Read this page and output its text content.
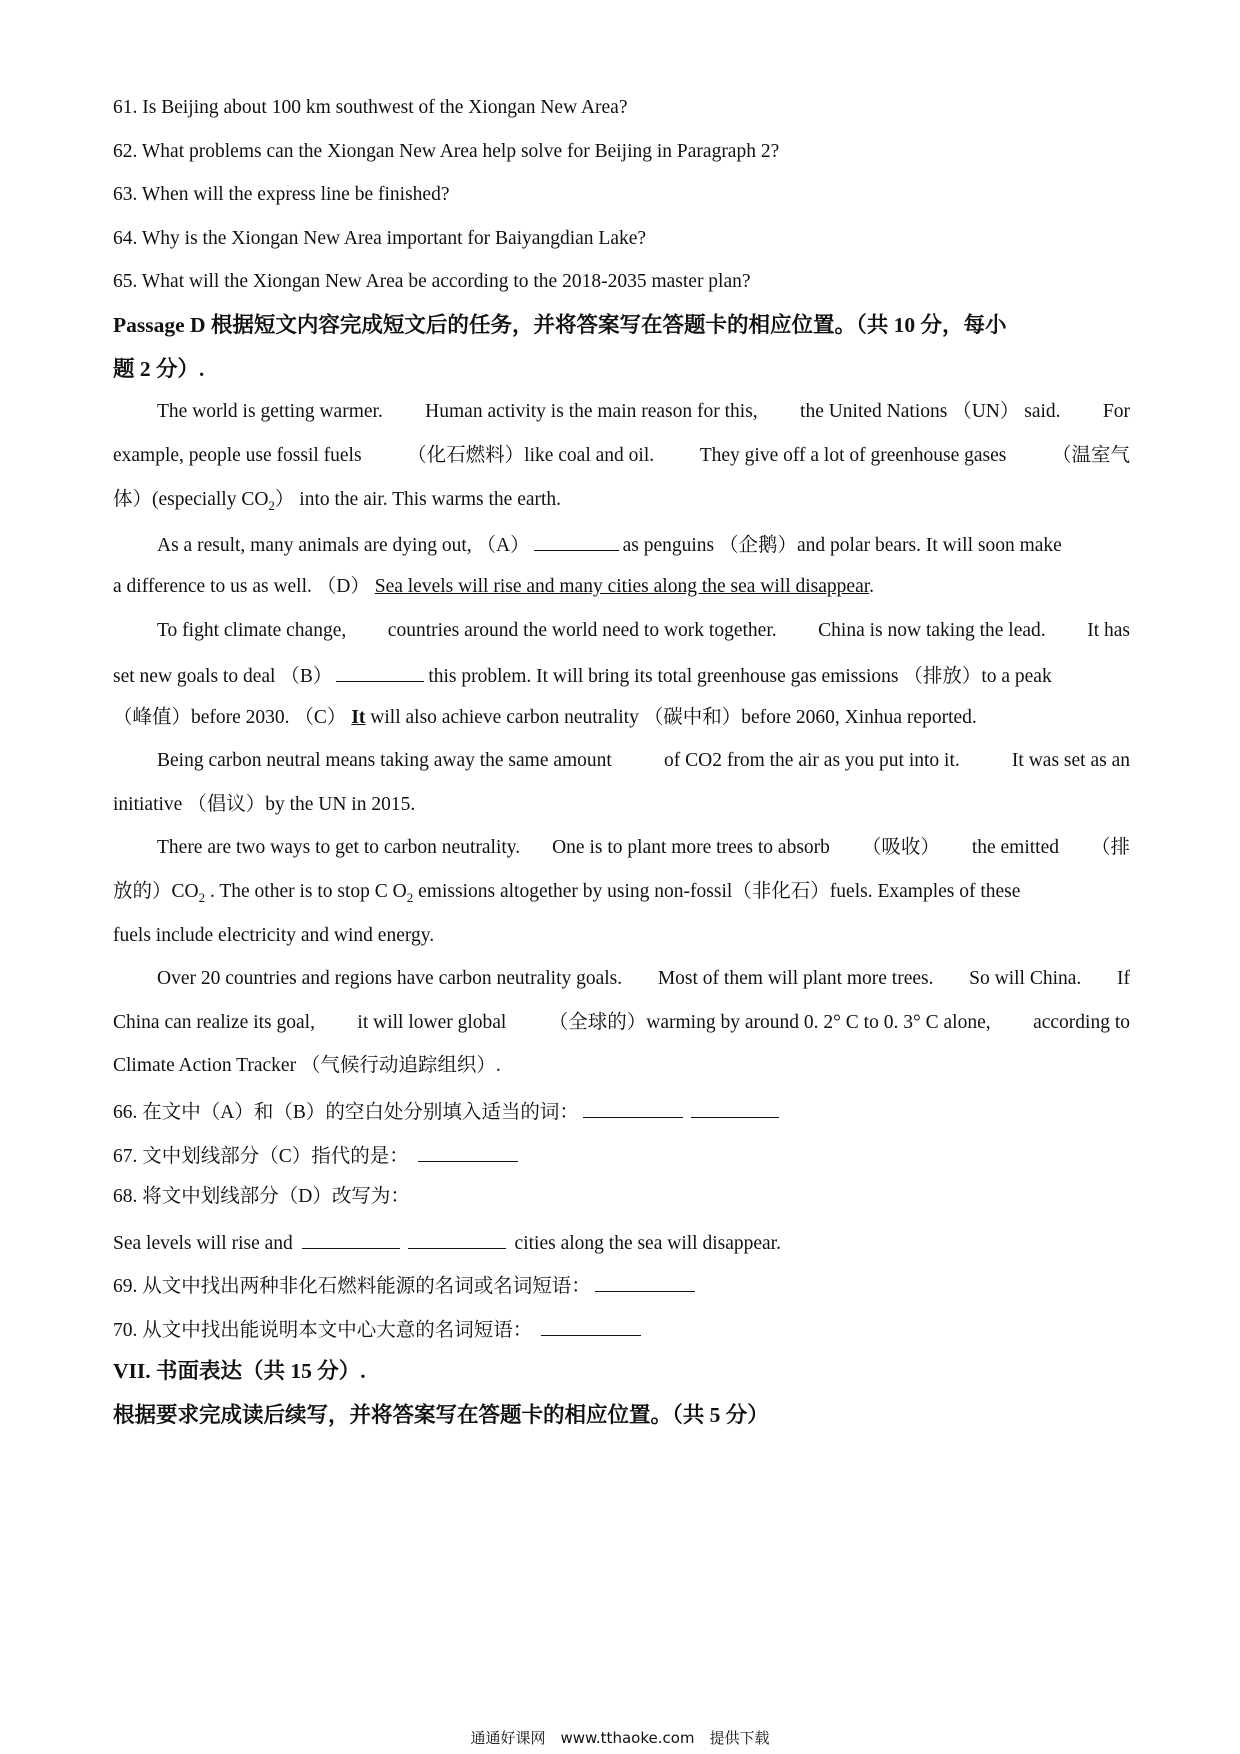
61. Is Beijing about 100 km southwest of the Xiongan New Area?
62. What problems can the Xiongan New Area help solve for Beijing in Paragraph 2?
63. When will the express line be finished?
64. Why is the Xiongan New Area important for Baiyangdian Lake?
65. What will the Xiongan New Area be according to the 2018-2035 master plan?
Passage D 根据短文内容完成短文后的任务，并将答案写在答题卡的相应位置。（共 10 分，每小
题 2 分）.
The world is getting warmer. Human activity is the main reason for this, the United Nations （UN） said. For
example, people use fossil fuels （化石燃料）like coal and oil. They give off a lot of greenhouse gases （温室气
体）(especially $CO_2$） into the air. This warms the earth.
As a result, many animals are dying out, （A）	as penguins （企鹅）and polar bears. It will soon make
a difference to us as well. （D） Sea levels will rise and many cities along the sea will disappear.
To fight climate change, countries around the world need to work together. China is now taking the lead. It has
set new goals to deal （B）	this problem. It will bring its total greenhouse gas emissions （排放）to a peak
（峰值）before 2030. （C） It will also achieve carbon neutrality （碳中和）before 2060, Xinhua reported.
Being carbon neutral means taking away the same amount	of CO2 from the air as you put into it.	It was set as an
initiative （倡议）by the UN in 2015.
There are two ways to get to carbon neutrality. One is to plant more trees to absorb （吸收） the emitted （排
放的）$CO_2$ . The other is to stop C $O_2$ emissions altogether by using non-fossil（非化石）fuels. Examples of these
fuels include electricity and wind energy.
Over 20 countries and regions have carbon neutrality goals. Most of them will plant more trees. So will China. If
China can realize its goal, it will lower global （全球的）warming by around 0. 2° C to 0. 3° C alone, according to
Climate Action Tracker （气候行动追踪组织）.
66. 在文中（A）和（B）的空白处分别填入适当的词：
67. 文中划线部分（C）指代的是：
68. 将文中划线部分（D）改写为：
Sea levels will rise and	cities along the sea will disappear.
69. 从文中找出两种非化石燃料能源的名词或名词短语：
70. 从文中找出能说明本文中心大意的名词短语：
VII. 书面表达（共 15 分）.
根据要求完成读后续写，并将答案写在答题卡的相应位置。（共 5 分）
通通好课网　www.tthaoke.com　提供下载
